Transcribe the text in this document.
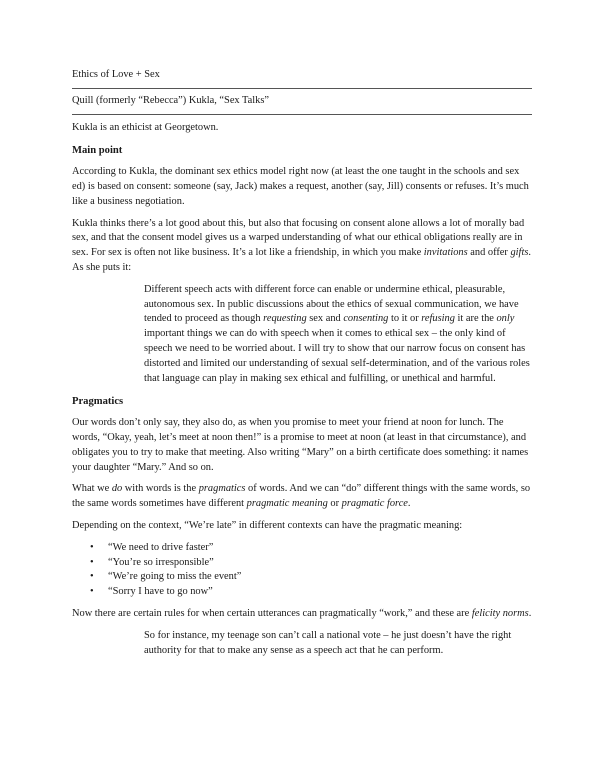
Ethics of Love + Sex

Quill (formerly “Rebecca”) Kukla, “Sex Talks”

Kukla is an ethicist at Georgetown.

Main point

According to Kukla, the dominant sex ethics model right now (at least the one taught in the schools and sex ed) is based on consent: someone (say, Jack) makes a request, another (say, Jill) consents or refuses. It’s much like a business negotiation.

Kukla thinks there’s a lot good about this, but also that focusing on consent alone allows a lot of morally bad sex, and that the consent model gives us a warped understanding of what our ethical obligations really are in sex. For sex is often not like business. It’s a lot like a friendship, in which you make invitations and offer gifts. As she puts it:

Different speech acts with different force can enable or undermine ethical, pleasurable, autonomous sex. In public discussions about the ethics of sexual communication, we have tended to proceed as though requesting sex and consenting to it or refusing it are the only important things we can do with speech when it comes to ethical sex – the only kind of speech we need to be worried about. I will try to show that our narrow focus on consent has distorted and limited our understanding of sexual self-determination, and of the various roles that language can play in making sex ethical and fulfilling, or unethical and harmful.
Pragmatics

Our words don’t only say, they also do, as when you promise to meet your friend at noon for lunch. The words, “Okay, yeah, let’s meet at noon then!” is a promise to meet at noon (at least in that circumstance), and obligates you to try to make that meeting. Also writing “Mary” on a birth certificate does something: it names your daughter “Mary.” And so on.

What we do with words is the pragmatics of words. And we can “do” different things with the same words, so the same words sometimes have different pragmatic meaning or pragmatic force.

Depending on the context, “We’re late” in different contexts can have the pragmatic meaning:

• “We need to drive faster”
• “You’re so irresponsible”
• “We’re going to miss the event”
• “Sorry I have to go now”

Now there are certain rules for when certain utterances can pragmatically “work,” and these are felicity norms.

So for instance, my teenage son can’t call a national vote – he just doesn’t have the right authority for that to make any sense as a speech act that he can perform.
